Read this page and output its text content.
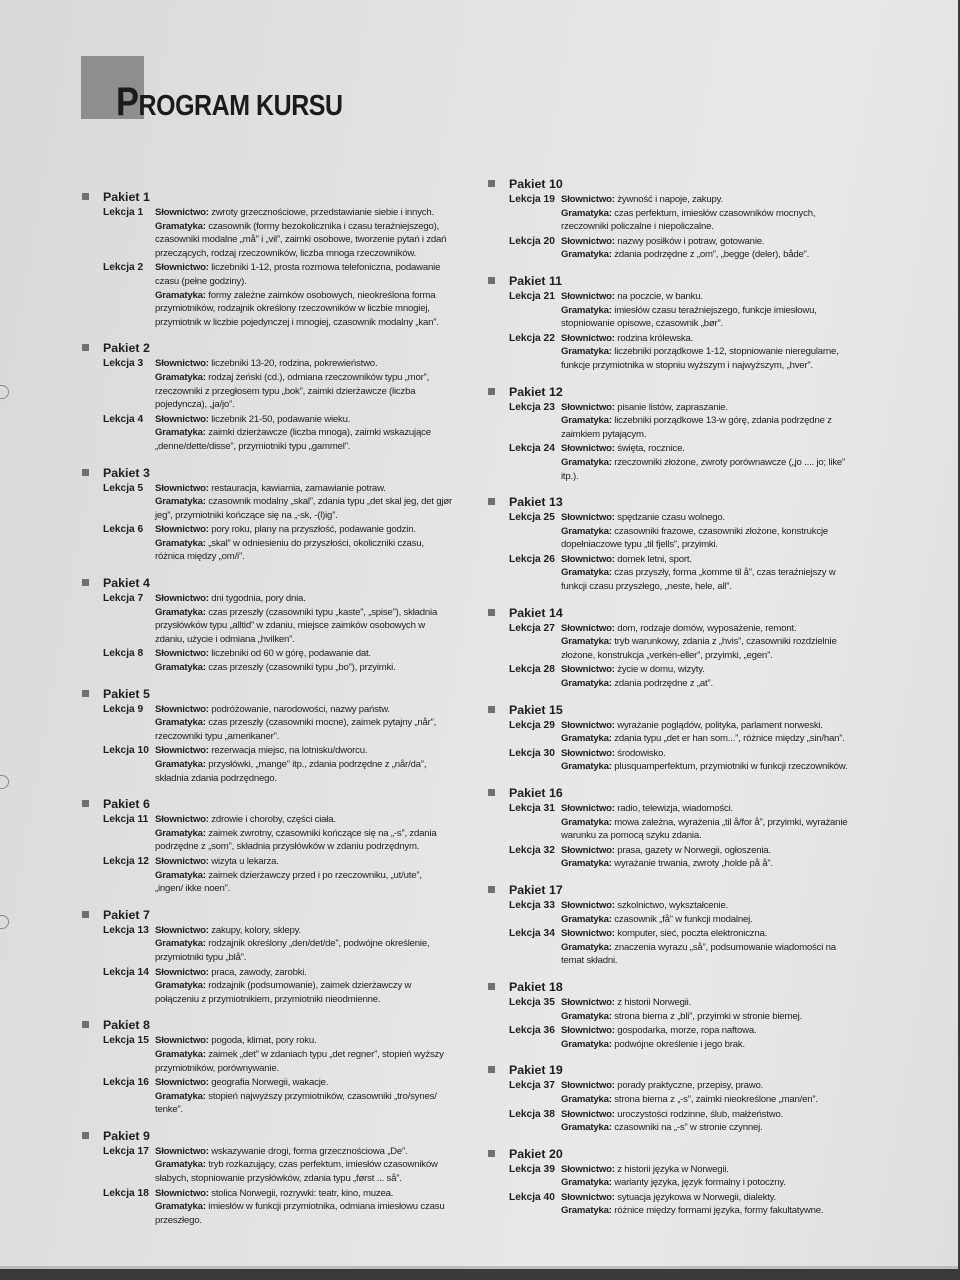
PROGRAM KURSU
Pakiet 1
Lekcja 1	Słownictwo: zwroty grzecznościowe, przedstawianie siebie i innych.
Gramatyka: czasownik (formy bezokolicznika i czasu teraźniejszego), czasowniki modalne „må” i „vil”, zaimki osobowe, tworzenie pytań i zdań przeczących, rodzaj rzeczowników, liczba mnoga rzeczowników.
Lekcja 2	Słownictwo: liczebniki 1-12, prosta rozmowa telefoniczna, podawanie czasu (pełne godziny).
Gramatyka: formy zależne zaimków osobowych, nieokreślona forma przymiotników, rodzajnik określony rzeczowników w liczbie mnogiej, przymiotnik w liczbie pojedynczej i mnogiej, czasownik modalny „kan”.
Pakiet 2
Lekcja 3	Słownictwo: liczebniki 13-20, rodzina, pokrewieństwo.
Gramatyka: rodzaj żeński (cd.), odmiana rzeczowników typu „mor”, rzeczowniki z przegłosem typu „bok”, zaimki dzierżawcze (liczba pojedyncza), „ja/jo”.
Lekcja 4	Słownictwo: liczebnik 21-50, podawanie wieku.
Gramatyka: zaimki dzierżawcze (liczba mnoga), zaimki wskazujące „denne/dette/disse”, przymiotniki typu „gammel”.
Pakiet 3
Lekcja 5	Słownictwo: restauracja, kawiarnia, zamawianie potraw.
Gramatyka: czasownik modalny „skal”, zdania typu „det skal jeg, det gjør jeg”, przymiotniki kończące się na „-sk, -(l)ig”.
Lekcja 6	Słownictwo: pory roku, plany na przyszłość, podawanie godzin.
Gramatyka: „skal” w odniesieniu do przyszłości, okoliczniki czasu, różnica między „om/i”.
Pakiet 4
Lekcja 7	Słownictwo: dni tygodnia, pory dnia.
Gramatyka: czas przeszły (czasowniki typu „kaste”, „spise”), składnia przysłówków typu „alltid” w zdaniu, miejsce zaimków osobowych w zdaniu, użycie i odmiana „hvilken”.
Lekcja 8	Słownictwo: liczebniki od 60 w górę, podawanie dat.
Gramatyka: czas przeszły (czasowniki typu „bo”), przyimki.
Pakiet 5
Lekcja 9	Słownictwo: podróżowanie, narodowości, nazwy państw.
Gramatyka: czas przeszły (czasowniki mocne), zaimek pytajny „når”, rzeczowniki typu „amerikaner”.
Lekcja 10 Słownictwo: rezerwacja miejsc, na lotnisku/dworcu.
Gramatyka: przysłówki, „mange” itp., zdania podrzędne z „når/da”, składnia zdania podrzędnego.
Pakiet 6
Lekcja 11 Słownictwo: zdrowie i choroby, części ciała.
Gramatyka: zaimek zwrotny, czasowniki kończące się na „-s”, zdania podrzędne z „som”, składnia przysłówków w zdaniu podrzędnym.
Lekcja 12 Słownictwo: wizyta u lekarza.
Gramatyka: zaimek dzierżawczy przed i po rzeczowniku, „ut/ute”, „ingen/ ikke noen”.
Pakiet 7
Lekcja 13 Słownictwo: zakupy, kolory, sklepy.
Gramatyka: rodzajnik określony „den/det/de”, podwójne określenie, przymiotniki typu „blå”.
Lekcja 14 Słownictwo: praca, zawody, zarobki.
Gramatyka: rodzajnik (podsumowanie), zaimek dzierżawczy w połączeniu z przymiotnikiem, przymiotniki nieodmienne.
Pakiet 8
Lekcja 15 Słownictwo: pogoda, klimat, pory roku.
Gramatyka: zaimek „det” w zdaniach typu „det regner”, stopień wyższy przymiotników, porównywanie.
Lekcja 16 Słownictwo: geografia Norwegii, wakacje.
Gramatyka: stopień najwyższy przymiotników, czasowniki „tro/synes/ tenke”.
Pakiet 9
Lekcja 17 Słownictwo: wskazywanie drogi, forma grzecznościowa „De”.
Gramatyka: tryb rozkazujący, czas perfektum, imiesłów czasowników słabych, stopniowanie przysłówków, zdania typu „først ... så”.
Lekcja 18 Słownictwo: stolica Norwegii, rozrywki: teatr, kino, muzea.
Gramatyka: imiesłów w funkcji przymiotnika, odmiana imiesłowu czasu przeszłego.
Pakiet 10
Lekcja 19 Słownictwo: żywność i napoje, zakupy.
Gramatyka: czas perfektum, imiesłów czasowników mocnych, rzeczowniki policzalne i niepoliczalne.
Lekcja 20 Słownictwo: nazwy posiłków i potraw, gotowanie.
Gramatyka: zdania podrzędne z „om”, „begge (deler), både”.
Pakiet 11
Lekcja 21 Słownictwo: na poczcie, w banku.
Gramatyka: imiesłów czasu teraźniejszego, funkcje imiesłowu, stopniowanie opisowe, czasownik „bør”.
Lekcja 22 Słownictwo: rodzina królewska.
Gramatyka: liczebniki porządkowe 1-12, stopniowanie nieregularne, funkcje przymiotnika w stopniu wyższym i najwyższym, „hver”.
Pakiet 12
Lekcja 23 Słownictwo: pisanie listów, zapraszanie.
Gramatyka: liczebniki porządkowe 13-w górę, zdania podrzędne z zaimkiem pytającym.
Lekcja 24 Słownictwo: święta, rocznice.
Gramatyka: rzeczowniki złożone, zwroty porównawcze („jo .... jo; like” itp.).
Pakiet 13
Lekcja 25 Słownictwo: spędzanie czasu wolnego.
Gramatyka: czasowniki frazowe, czasowniki złożone, konstrukcje dopełniaczowe typu „til fjells”, przyimki.
Lekcja 26 Słownictwo: domek letni, sport.
Gramatyka: czas przyszły, forma „komme til å”, czas teraźniejszy w funkcji czasu przyszłego, „neste, hele, all”.
Pakiet 14
Lekcja 27 Słownictwo: dom, rodzaje domów, wyposażenie, remont.
Gramatyka: tryb warunkowy, zdania z „hvis”, czasowniki rozdzielnie złożone, konstrukcja „verken-eller”, przyimki, „egen”.
Lekcja 28 Słownictwo: życie w domu, wizyty.
Gramatyka: zdania podrzędne z „at”.
Pakiet 15
Lekcja 29 Słownictwo: wyrażanie poglądów, polityka, parlament norweski.
Gramatyka: zdania typu „det er han som...”, różnice między „sin/han”.
Lekcja 30 Słownictwo: środowisko.
Gramatyka: plusquamperfektum, przymiotniki w funkcji rzeczowników.
Pakiet 16
Lekcja 31 Słownictwo: radio, telewizja, wiadomości.
Gramatyka: mowa zależna, wyrażenia „til å/for å”, przyimki, wyrażanie warunku za pomocą szyku zdania.
Lekcja 32 Słownictwo: prasa, gazety w Norwegii, ogłoszenia.
Gramatyka: wyrażanie trwania, zwroty „holde på å”.
Pakiet 17
Lekcja 33 Słownictwo: szkolnictwo, wykształcenie.
Gramatyka: czasownik „få” w funkcji modalnej.
Lekcja 34 Słownictwo: komputer, sieć, poczta elektroniczna.
Gramatyka: znaczenia wyrazu „så”, podsumowanie wiadomości na temat składni.
Pakiet 18
Lekcja 35 Słownictwo: z historii Norwegii.
Gramatyka: strona bierna z „bli”, przyimki w stronie biernej.
Lekcja 36 Słownictwo: gospodarka, morze, ropa naftowa.
Gramatyka: podwójne określenie i jego brak.
Pakiet 19
Lekcja 37 Słownictwo: porady praktyczne, przepisy, prawo.
Gramatyka: strona bierna z „-s”, zaimki nieokreślone „man/en”.
Lekcja 38 Słownictwo: uroczystości rodzinne, ślub, małżeństwo.
Gramatyka: czasowniki na „-s” w stronie czynnej.
Pakiet 20
Lekcja 39 Słownictwo: z historii języka w Norwegii.
Gramatyka: warianty języka, język formalny i potoczny.
Lekcja 40 Słownictwo: sytuacja językowa w Norwegii, dialekty.
Gramatyka: różnice między formami języka, formy fakultatywne.
